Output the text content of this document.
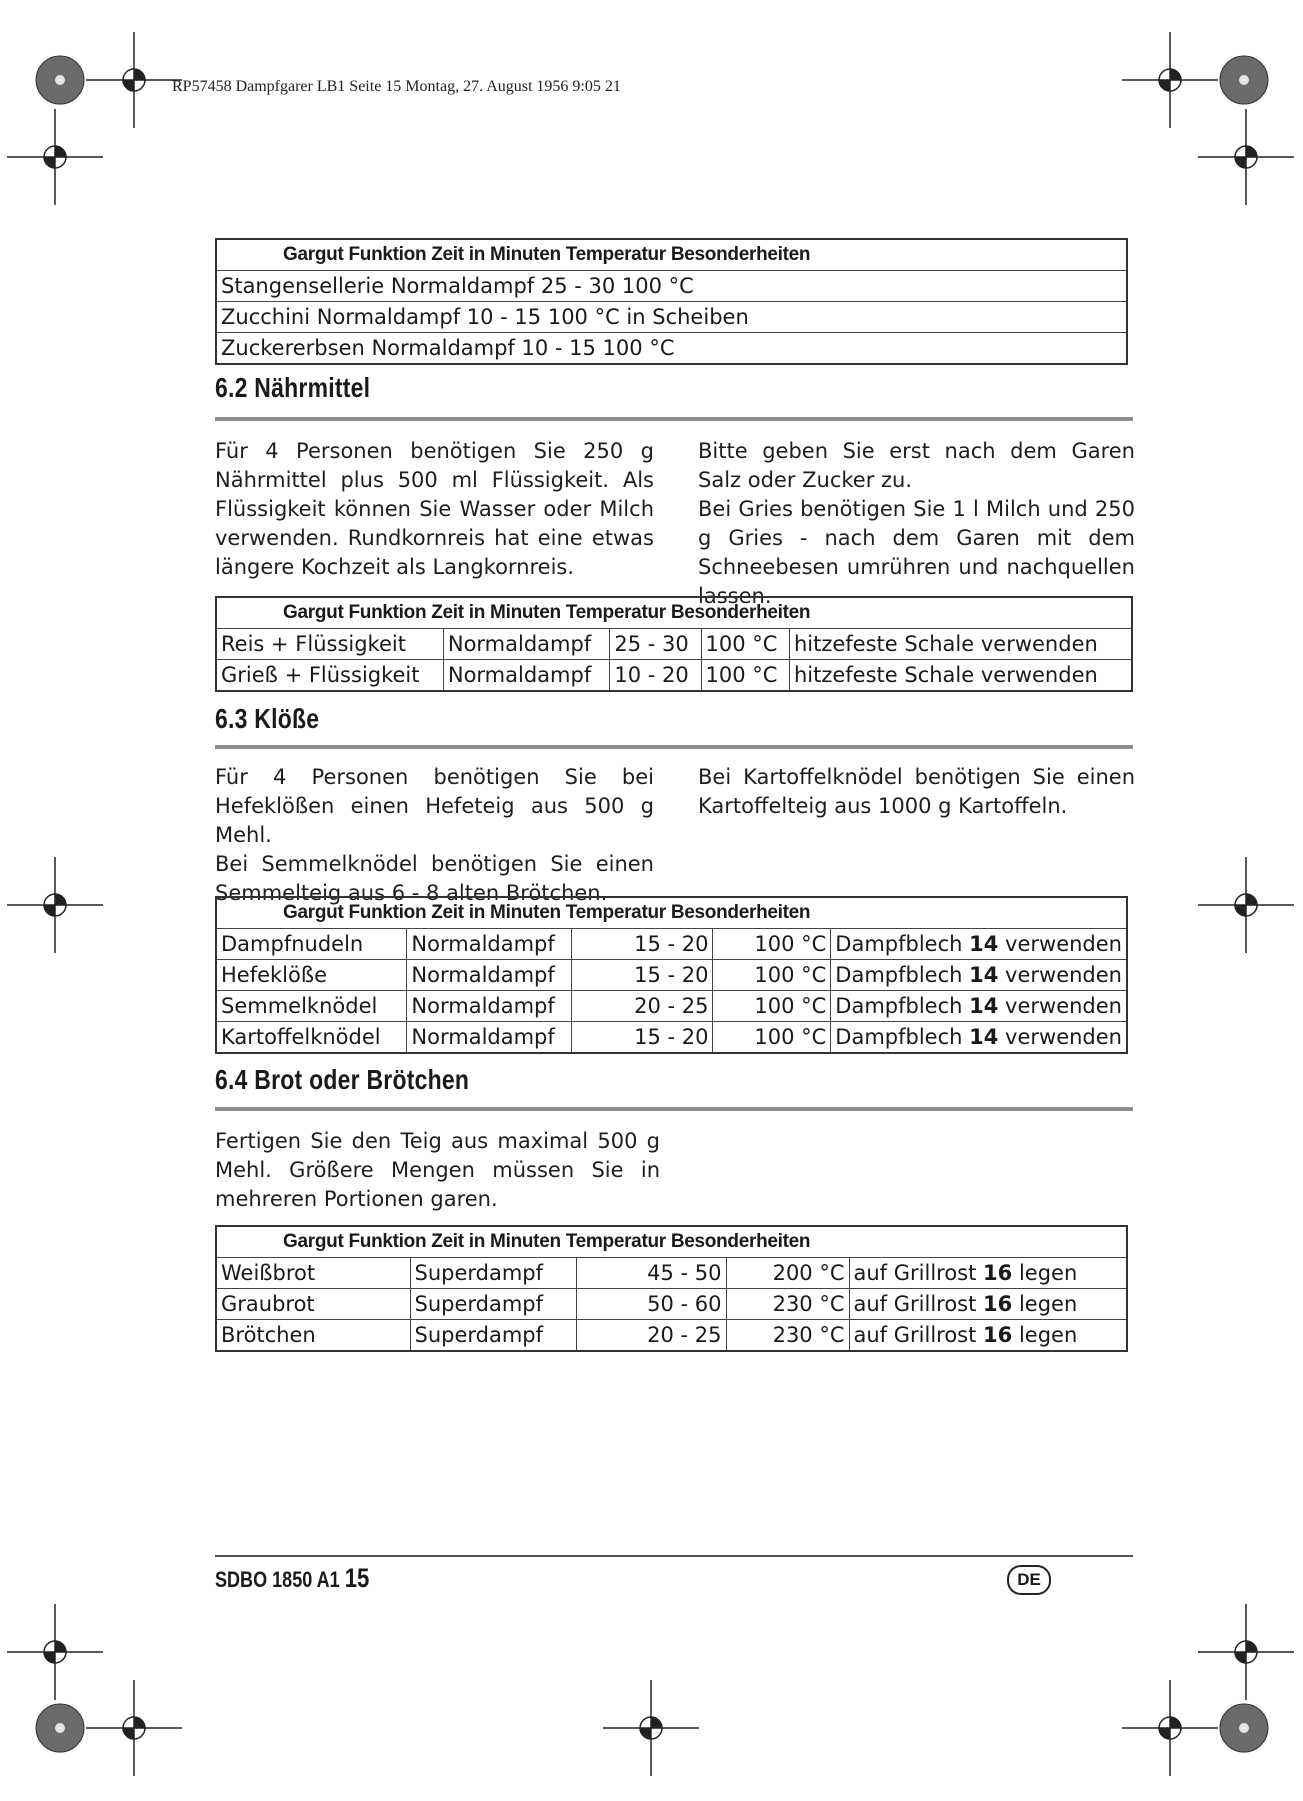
RP57458 Dampfgarer LB1 Seite 15 Montag, 27. August 1956 9:05 21
Gargut Funktion Zeit in Minuten Temperatur Besonderheiten
Stangensellerie Normaldampf 25 - 30 100 °C
Zucchini Normaldampf 10 - 15 100 °C in Scheiben
Zuckererbsen Normaldampf 10 - 15 100 °C
6.2 Nährmittel

Für 4 Personen benötigen Sie 250 g Nährmittel plus 500 ml Flüssigkeit. Als Flüssigkeit können Sie Wasser oder Milch verwenden. Rundkornreis hat eine etwas längere Kochzeit als Langkornreis.

Bitte geben Sie erst nach dem Garen Salz oder Zucker zu.

Bei Gries benötigen Sie 1 l Milch und 250 g Gries - nach dem Garen mit dem Schneebesen umrühren und nachquellen lassen.

Gargut Funktion Zeit in Minuten Temperatur Besonderheiten				
Reis + Flüssigkeit	Normaldampf	25 - 30	100 °C	hitzefeste Schale verwenden
Grieß + Flüssigkeit	Normaldampf	10 - 20	100 °C	hitzefeste Schale verwenden
6.3 Klöße

Für 4 Personen benötigen Sie bei Hefeklößen einen Hefeteig aus 500 g Mehl.

Bei Semmelknödel benötigen Sie einen Semmelteig aus 6 - 8 alten Brötchen.

Bei Kartoffelknödel benötigen Sie einen Kartoffelteig aus 1000 g Kartoffeln.

Gargut Funktion Zeit in Minuten Temperatur Besonderheiten				
Dampfnudeln	Normaldampf	15 - 20	100 °C	Dampfblech 14 verwenden
Hefeklöße	Normaldampf	15 - 20	100 °C	Dampfblech 14 verwenden
Semmelknödel	Normaldampf	20 - 25	100 °C	Dampfblech 14 verwenden
Kartoffelknödel	Normaldampf	15 - 20	100 °C	Dampfblech 14 verwenden
6.4 Brot oder Brötchen

Fertigen Sie den Teig aus maximal 500 g Mehl. Größere Mengen müssen Sie in mehreren Portionen garen.

Gargut Funktion Zeit in Minuten Temperatur Besonderheiten				
Weißbrot	Superdampf	45 - 50	200 °C	auf Grillrost 16 legen
Graubrot	Superdampf	50 - 60	230 °C	auf Grillrost 16 legen
Brötchen	Superdampf	20 - 25	230 °C	auf Grillrost 16 legen
SDBO 1850 A1 15	DE
